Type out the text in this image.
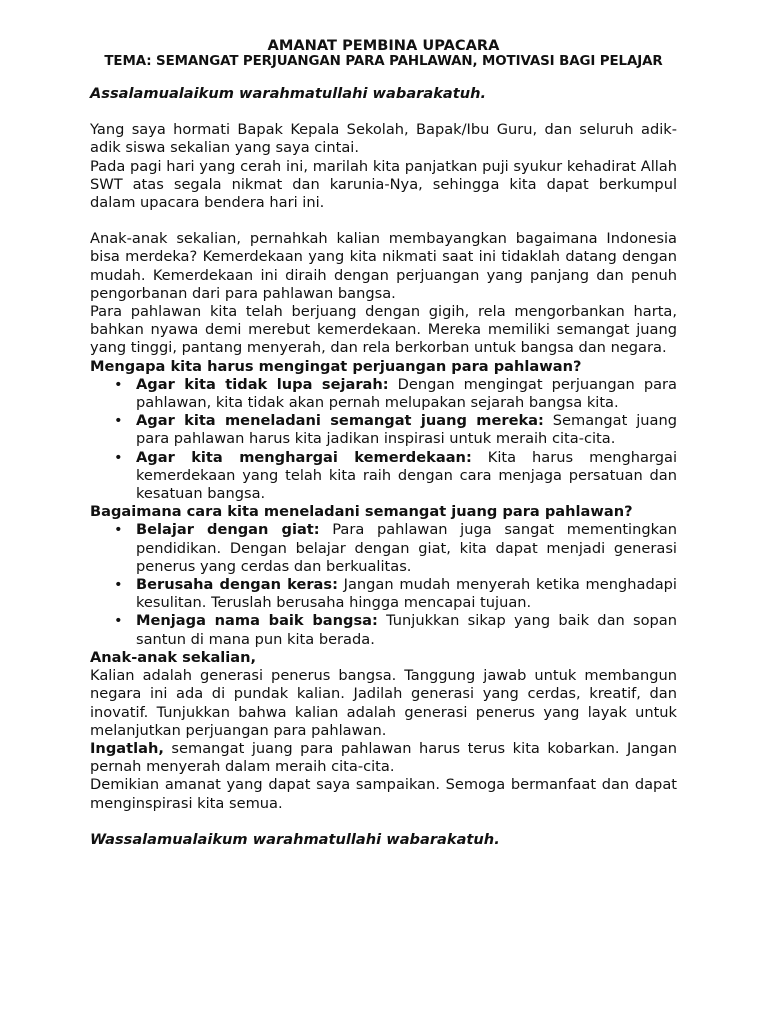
AMANAT PEMBINA UPACARA
TEMA: SEMANGAT PERJUANGAN PARA PAHLAWAN, MOTIVASI BAGI PELAJAR
Assalamualaikum warahmatullahi wabarakatuh.

Yang saya hormati Bapak Kepala Sekolah, Bapak/Ibu Guru, dan seluruh adik-adik siswa sekalian yang saya cintai.

Pada pagi hari yang cerah ini, marilah kita panjatkan puji syukur kehadirat Allah SWT atas segala nikmat dan karunia-Nya, sehingga kita dapat berkumpul dalam upacara bendera hari ini.

Anak-anak sekalian, pernahkah kalian membayangkan bagaimana Indonesia bisa merdeka? Kemerdekaan yang kita nikmati saat ini tidaklah datang dengan mudah. Kemerdekaan ini diraih dengan perjuangan yang panjang dan penuh pengorbanan dari para pahlawan bangsa.

Para pahlawan kita telah berjuang dengan gigih, rela mengorbankan harta, bahkan nyawa demi merebut kemerdekaan. Mereka memiliki semangat juang yang tinggi, pantang menyerah, dan rela berkorban untuk bangsa dan negara.

Mengapa kita harus mengingat perjuangan para pahlawan?
• Agar kita tidak lupa sejarah: Dengan mengingat perjuangan para pahlawan, kita tidak akan pernah melupakan sejarah bangsa kita.
• Agar kita meneladani semangat juang mereka: Semangat juang para pahlawan harus kita jadikan inspirasi untuk meraih cita-cita.
• Agar kita menghargai kemerdekaan: Kita harus menghargai kemerdekaan yang telah kita raih dengan cara menjaga persatuan dan kesatuan bangsa.
Bagaimana cara kita meneladani semangat juang para pahlawan?
• Belajar dengan giat: Para pahlawan juga sangat mementingkan pendidikan. Dengan belajar dengan giat, kita dapat menjadi generasi penerus yang cerdas dan berkualitas.
• Berusaha dengan keras: Jangan mudah menyerah ketika menghadapi kesulitan. Teruslah berusaha hingga mencapai tujuan.
• Menjaga nama baik bangsa: Tunjukkan sikap yang baik dan sopan santun di mana pun kita berada.
Anak-anak sekalian,

Kalian adalah generasi penerus bangsa. Tanggung jawab untuk membangun negara ini ada di pundak kalian. Jadilah generasi yang cerdas, kreatif, dan inovatif. Tunjukkan bahwa kalian adalah generasi penerus yang layak untuk melanjutkan perjuangan para pahlawan.

Ingatlah, semangat juang para pahlawan harus terus kita kobarkan. Jangan pernah menyerah dalam meraih cita-cita.

Demikian amanat yang dapat saya sampaikan. Semoga bermanfaat dan dapat menginspirasi kita semua.

Wassalamualaikum warahmatullahi wabarakatuh.
